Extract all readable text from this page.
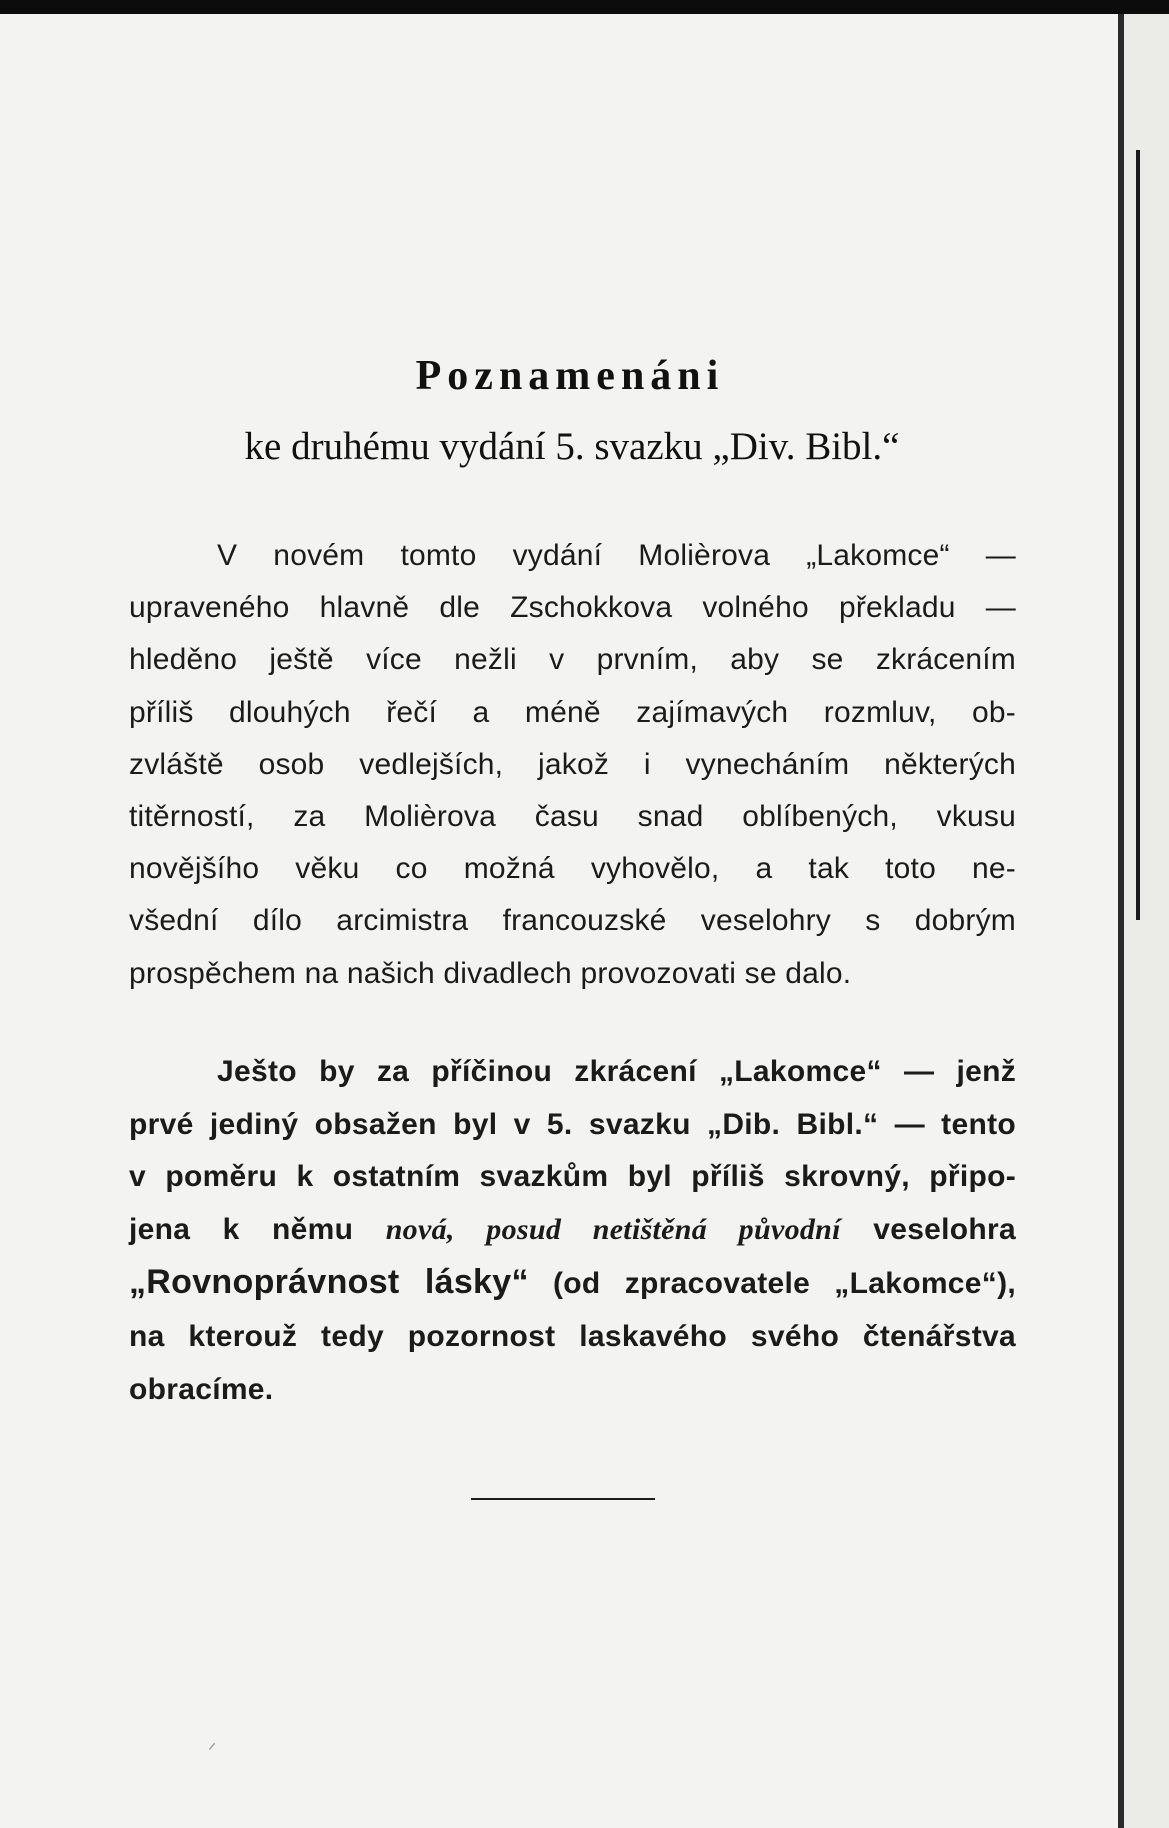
Poznamenáni
ke druhému vydání 5. svazku „Div. Bibl.“
V novém tomto vydání Molièrova „Lakomce“ —
upraveného hlavně dle Zschokkova volného překladu —
hleděno ještě více nežli v prvním, aby se zkrácením
příliš dlouhých řečí a méně zajímavých rozmluv, ob-
zvláště osob vedlejších, jakož i vynecháním některých
titěrností, za Molièrova času snad oblíbených, vkusu
novějšího věku co možná vyhovělo, a tak toto ne-
všední dílo arcimistra francouzské veselohry s dobrým
prospěchem na našich divadlech provozovati se dalo.
Ješto by za příčinou zkrácení „Lakomce“ — jenž
prvé jediný obsažen byl v 5. svazku „Dib. Bibl.“ — tento
v poměru k ostatním svazkům byl příliš skrovný, připo-
jena k němu nová, posud netištěná původní veselohra
„Rovnoprávnost lásky“ (od zpracovatele „Lakomce“),
na kterouž tedy pozornost laskavého svého čtenářstva
obracíme.
ᐟ
